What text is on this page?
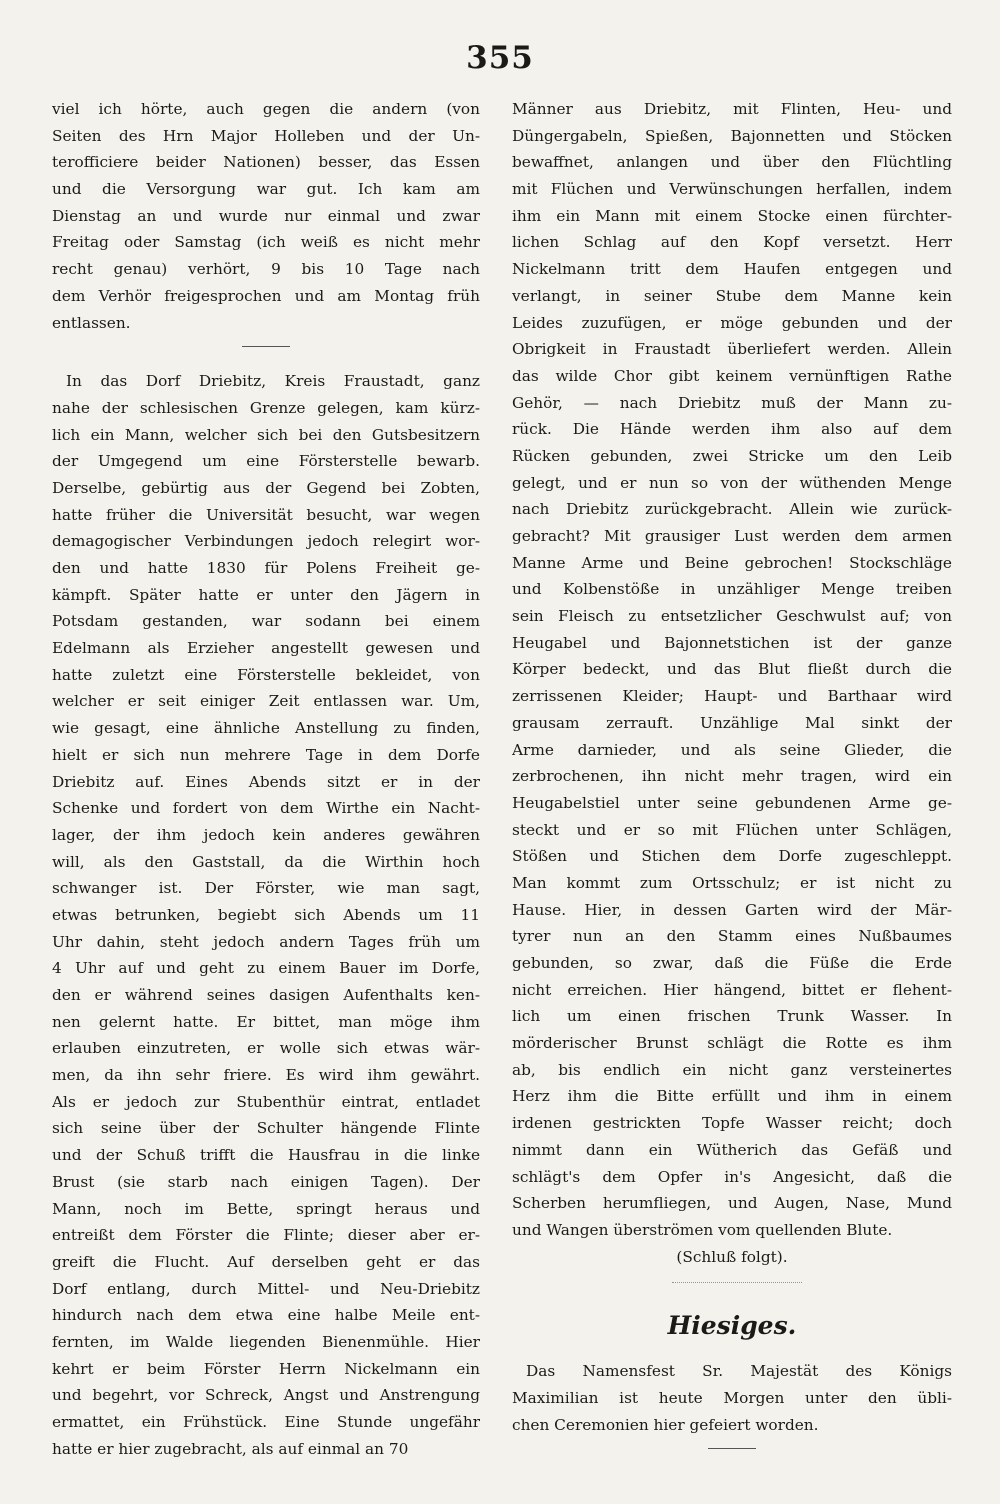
355
viel ich hörte, auch gegen die andern (von
Seiten des Hrn Major Holleben und der Un-
terofficiere beider Nationen) besser, das Essen
und die Versorgung war gut. Ich kam am
Dienstag an und wurde nur einmal und zwar
Freitag oder Samstag (ich weiß es nicht mehr
recht genau) verhört, 9 bis 10 Tage nach
dem Verhör freigesprochen und am Montag früh
entlassen.
In das Dorf Driebitz, Kreis Fraustadt, ganz
nahe der schlesischen Grenze gelegen, kam kürz-
lich ein Mann, welcher sich bei den Gutsbesitzern
der Umgegend um eine Försterstelle bewarb.
Derselbe, gebürtig aus der Gegend bei Zobten,
hatte früher die Universität besucht, war wegen
demagogischer Verbindungen jedoch relegirt wor-
den und hatte 1830 für Polens Freiheit ge-
kämpft. Später hatte er unter den Jägern in
Potsdam gestanden, war sodann bei einem
Edelmann als Erzieher angestellt gewesen und
hatte zuletzt eine Försterstelle bekleidet, von
welcher er seit einiger Zeit entlassen war. Um,
wie gesagt, eine ähnliche Anstellung zu finden,
hielt er sich nun mehrere Tage in dem Dorfe
Driebitz auf. Eines Abends sitzt er in der
Schenke und fordert von dem Wirthe ein Nacht-
lager, der ihm jedoch kein anderes gewähren
will, als den Gaststall, da die Wirthin hoch
schwanger ist. Der Förster, wie man sagt,
etwas betrunken, begiebt sich Abends um 11
Uhr dahin, steht jedoch andern Tages früh um
4 Uhr auf und geht zu einem Bauer im Dorfe,
den er während seines dasigen Aufenthalts ken-
nen gelernt hatte. Er bittet, man möge ihm
erlauben einzutreten, er wolle sich etwas wär-
men, da ihn sehr friere. Es wird ihm gewährt.
Als er jedoch zur Stubenthür eintrat, entladet
sich seine über der Schulter hängende Flinte
und der Schuß trifft die Hausfrau in die linke
Brust (sie starb nach einigen Tagen). Der
Mann, noch im Bette, springt heraus und
entreißt dem Förster die Flinte; dieser aber er-
greift die Flucht. Auf derselben geht er das
Dorf entlang, durch Mittel- und Neu-Driebitz
hindurch nach dem etwa eine halbe Meile ent-
fernten, im Walde liegenden Bienenmühle. Hier
kehrt er beim Förster Herrn Nickelmann ein
und begehrt, vor Schreck, Angst und Anstrengung
ermattet, ein Frühstück. Eine Stunde ungefähr
hatte er hier zugebracht, als auf einmal an 70
Männer aus Driebitz, mit Flinten, Heu- und
Düngergabeln, Spießen, Bajonnetten und Stöcken
bewaffnet, anlangen und über den Flüchtling
mit Flüchen und Verwünschungen herfallen, indem
ihm ein Mann mit einem Stocke einen fürchter-
lichen Schlag auf den Kopf versetzt. Herr
Nickelmann tritt dem Haufen entgegen und
verlangt, in seiner Stube dem Manne kein
Leides zuzufügen, er möge gebunden und der
Obrigkeit in Fraustadt überliefert werden. Allein
das wilde Chor gibt keinem vernünftigen Rathe
Gehör, — nach Driebitz muß der Mann zu-
rück. Die Hände werden ihm also auf dem
Rücken gebunden, zwei Stricke um den Leib
gelegt, und er nun so von der wüthenden Menge
nach Driebitz zurückgebracht. Allein wie zurück-
gebracht? Mit grausiger Lust werden dem armen
Manne Arme und Beine gebrochen! Stockschläge
und Kolbenstöße in unzähliger Menge treiben
sein Fleisch zu entsetzlicher Geschwulst auf; von
Heugabel und Bajonnetstichen ist der ganze
Körper bedeckt, und das Blut fließt durch die
zerrissenen Kleider; Haupt- und Barthaar wird
grausam zerrauft. Unzählige Mal sinkt der
Arme darnieder, und als seine Glieder, die
zerbrochenen, ihn nicht mehr tragen, wird ein
Heugabelstiel unter seine gebundenen Arme ge-
steckt und er so mit Flüchen unter Schlägen,
Stößen und Stichen dem Dorfe zugeschleppt.
Man kommt zum Ortsschulz; er ist nicht zu
Hause. Hier, in dessen Garten wird der Mär-
tyrer nun an den Stamm eines Nußbaumes
gebunden, so zwar, daß die Füße die Erde
nicht erreichen. Hier hängend, bittet er flehent-
lich um einen frischen Trunk Wasser. In
mörderischer Brunst schlägt die Rotte es ihm
ab, bis endlich ein nicht ganz versteinertes
Herz ihm die Bitte erfüllt und ihm in einem
irdenen gestrickten Topfe Wasser reicht; doch
nimmt dann ein Wütherich das Gefäß und
schlägt's dem Opfer in's Angesicht, daß die
Scherben herumfliegen, und Augen, Nase, Mund
und Wangen überströmen vom quellenden Blute.
(Schluß folgt).
Hiesiges.
Das Namensfest Sr. Majestät des Königs
Maximilian ist heute Morgen unter den übli-
chen Ceremonien hier gefeiert worden.
